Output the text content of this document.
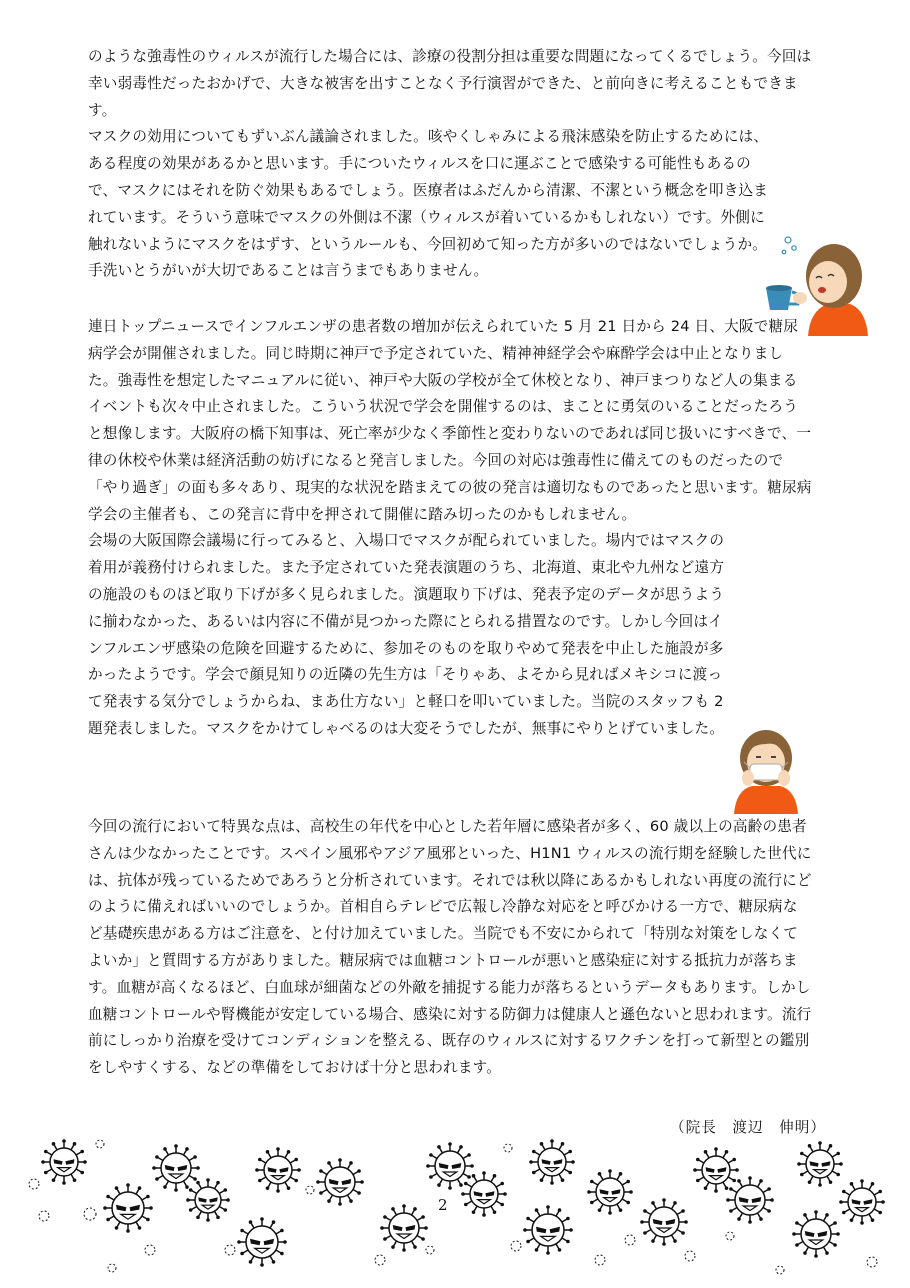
のような強毒性のウィルスが流行した場合には、診療の役割分担は重要な問題になってくるでしょう。今回は幸い弱毒性だったおかげで、大きな被害を出すことなく予行演習ができた、と前向きに考えることもできます。

マスクの効用についてもずいぶん議論されました。咳やくしゃみによる飛沫感染を防止するためには、ある程度の効果があるかと思います。手についたウィルスを口に運ぶことで感染する可能性もあるので、マスクにはそれを防ぐ効果もあるでしょう。医療者はふだんから清潔、不潔という概念を叩き込まれています。そういう意味でマスクの外側は不潔（ウィルスが着いているかもしれない）です。外側に触れないようにマスクをはずす、というルールも、今回初めて知った方が多いのではないでしょうか。

手洗いとうがいが大切であることは言うまでもありません。

連日トップニュースでインフルエンザの患者数の増加が伝えられていた 5 月 21 日から 24 日、大阪で糖尿病学会が開催されました。同じ時期に神戸で予定されていた、精神神経学会や麻酔学会は中止となりました。強毒性を想定したマニュアルに従い、神戸や大阪の学校が全て休校となり、神戸まつりなど人の集まるイベントも次々中止されました。こういう状況で学会を開催するのは、まことに勇気のいることだったろうと想像します。大阪府の橋下知事は、死亡率が少なく季節性と変わりないのであれば同じ扱いにすべきで、一律の休校や休業は経済活動の妨げになると発言しました。今回の対応は強毒性に備えてのものだったので「やり過ぎ」の面も多々あり、現実的な状況を踏まえての彼の発言は適切なものであったと思います。糖尿病学会の主催者も、この発言に背中を押されて開催に踏み切ったのかもしれません。

会場の大阪国際会議場に行ってみると、入場口でマスクが配られていました。場内ではマスクの着用が義務付けられました。また予定されていた発表演題のうち、北海道、東北や九州など遠方の施設のものほど取り下げが多く見られました。演題取り下げは、発表予定のデータが思うように揃わなかった、あるいは内容に不備が見つかった際にとられる措置なのです。しかし今回はインフルエンザ感染の危険を回避するために、参加そのものを取りやめて発表を中止した施設が多かったようです。学会で顔見知りの近隣の先生方は「そりゃあ、よそから見ればメキシコに渡って発表する気分でしょうからね、まあ仕方ない」と軽口を叩いていました。当院のスタッフも 2 題発表しました。マスクをかけてしゃべるのは大変そうでしたが、無事にやりとげていました。

今回の流行において特異な点は、高校生の年代を中心とした若年層に感染者が多く、60 歳以上の高齢の患者さんは少なかったことです。スペイン風邪やアジア風邪といった、H1N1 ウィルスの流行期を経験した世代には、抗体が残っているためであろうと分析されています。それでは秋以降にあるかもしれない再度の流行にどのように備えればいいのでしょうか。首相自らテレビで広報し冷静な対応をと呼びかける一方で、糖尿病など基礎疾患がある方はご注意を、と付け加えていました。当院でも不安にかられて「特別な対策をしなくてよいか」と質問する方がありました。糖尿病では血糖コントロールが悪いと感染症に対する抵抗力が落ちます。血糖が高くなるほど、白血球が細菌などの外敵を捕捉する能力が落ちるというデータもあります。しかし血糖コントロールや腎機能が安定している場合、感染に対する防御力は健康人と遜色ないと思われます。流行前にしっかり治療を受けてコンディションを整える、既存のウィルスに対するワクチンを打って新型との鑑別をしやすくする、などの準備をしておけば十分と思われます。

（院長　渡辺　伸明）
2
